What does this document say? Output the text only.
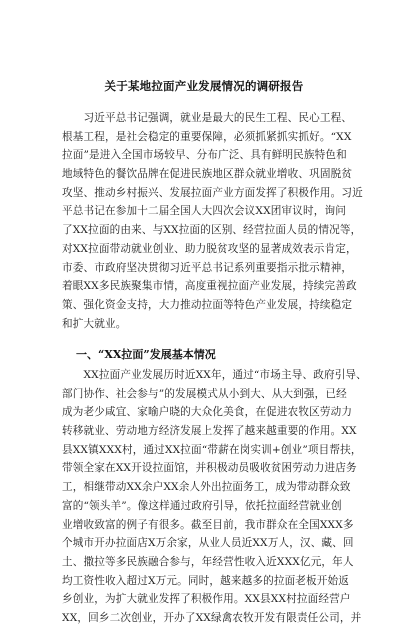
关于某地拉面产业发展情况的调研报告
　　习近平总书记强调，就业是最大的民生工程、民心工程、
根基工程，是社会稳定的重要保障，必须抓紧抓实抓好。“XX
拉面”是进入全国市场较早、分布广泛、具有鲜明民族特色和
地域特色的餐饮品牌在促进民族地区群众就业增收、巩固脱贫
攻坚、推动乡村振兴、发展拉面产业方面发挥了积极作用。习近
平总书记在参加十二届全国人大四次会议XX团审议时，询问
了XX拉面的由来、与XX拉面的区别、经营拉面人员的情况等，
对XX拉面带动就业创业、助力脱贫攻坚的显著成效表示肯定，
市委、市政府坚决贯彻习近平总书记系列重要指示批示精神，
着眼XX多民族聚集市情，高度重视拉面产业发展，持续完善政
策、强化资金支持，大力推动拉面等特色产业发展，持续稳定
和扩大就业。
一、“XX拉面”发展基本情况
　　XX拉面产业发展历时近XX年，通过“市场主导、政府引导、
部门协作、社会参与”的发展模式从小到大、从大到强，已经
成为老少咸宜、家喻户晓的大众化美食，在促进农牧区劳动力
转移就业、劳动地方经济发展上发挥了越来越重要的作用。XX
县XX镇XXX村，通过XX拉面“带薪在岗实训+创业”项目帮扶，
带领全家在XX开设拉面馆，并积极动员吸收贫困劳动力进店务
工，相继带动XX余户XX余人外出拉面务工，成为带动群众致
富的“领头羊”。像这样通过政府引导，依托拉面经营就业创
业增收致富的例子有很多。截至目前，我市群众在全国XXX多
个城市开办拉面店X万余家，从业人员近XX万人，汉、藏、回
土、撒拉等多民族融合参与，年经营性收入近XXX亿元，年人
均工资性收入超过X万元。同时，越来越多的拉面老板开始返
乡创业，为扩大就业发挥了积极作用。XX县XX村拉面经营户
XX，回乡二次创业，开办了XX绿禽农牧开发有限责任公司，并
